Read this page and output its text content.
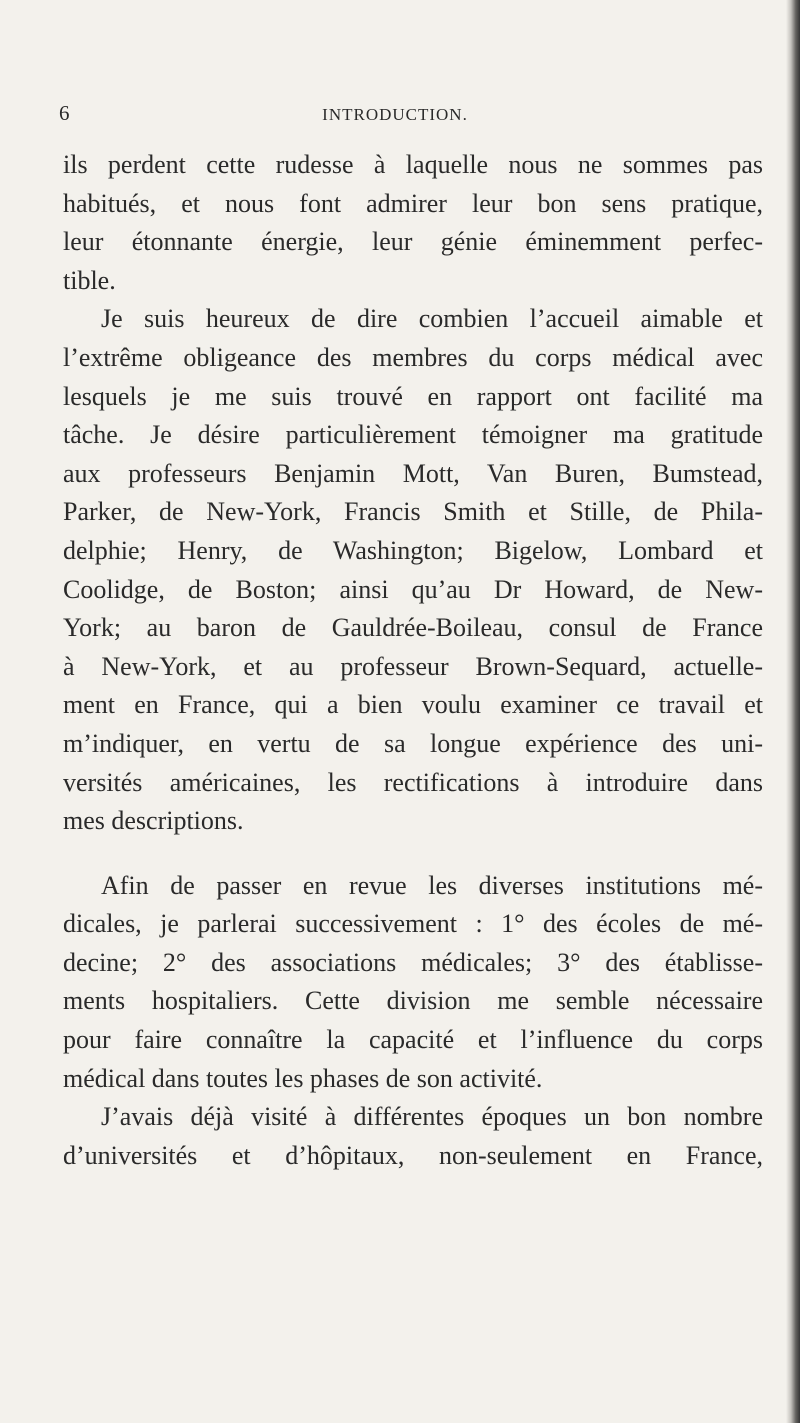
6	INTRODUCTION.

ils perdent cette rudesse à laquelle nous ne sommes pas
habitués, et nous font admirer leur bon sens pratique,
leur étonnante énergie, leur génie éminemment perfec-
tible.

Je suis heureux de dire combien l’accueil aimable et
l’extrême obligeance des membres du corps médical avec
lesquels je me suis trouvé en rapport ont facilité ma
tâche. Je désire particulièrement témoigner ma gratitude
aux professeurs Benjamin Mott, Van Buren, Bumstead,
Parker, de New-York, Francis Smith et Stille, de Phila-
delphie; Henry, de Washington; Bigelow, Lombard et
Coolidge, de Boston; ainsi qu’au Dr Howard, de New-
York; au baron de Gauldrée-Boileau, consul de France
à New-York, et au professeur Brown-Sequard, actuelle-
ment en France, qui a bien voulu examiner ce travail et
m’indiquer, en vertu de sa longue expérience des uni-
versités américaines, les rectifications à introduire dans
mes descriptions.

Afin de passer en revue les diverses institutions mé-
dicales, je parlerai successivement : 1° des écoles de mé-
decine; 2° des associations médicales; 3° des établisse-
ments hospitaliers. Cette division me semble nécessaire
pour faire connaître la capacité et l’influence du corps
médical dans toutes les phases de son activité.

J’avais déjà visité à différentes époques un bon nombre
d’universités et d’hôpitaux, non-seulement en France,
